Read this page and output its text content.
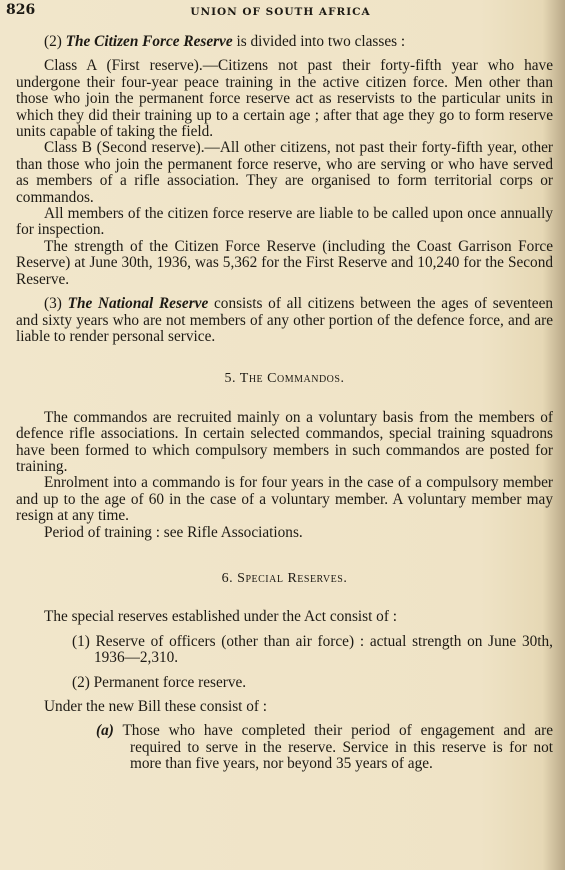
826	UNION OF SOUTH AFRICA

(2) The Citizen Force Reserve is divided into two classes :

Class A (First reserve).—Citizens not past their forty-fifth year who have undergone their four-year peace training in the active citizen force. Men other than those who join the permanent force reserve act as reservists to the particular units in which they did their training up to a certain age ; after that age they go to form reserve units capable of taking the field.

Class B (Second reserve).—All other citizens, not past their forty-fifth year, other than those who join the permanent force reserve, who are serving or who have served as members of a rifle association. They are organised to form territorial corps or commandos.

All members of the citizen force reserve are liable to be called upon once annually for inspection.

The strength of the Citizen Force Reserve (including the Coast Garrison Force Reserve) at June 30th, 1936, was 5,362 for the First Reserve and 10,240 for the Second Reserve.

(3) The National Reserve consists of all citizens between the ages of seventeen and sixty years who are not members of any other portion of the defence force, and are liable to render personal service.

5. The Commandos.

The commandos are recruited mainly on a voluntary basis from the members of defence rifle associations. In certain selected commandos, special training squadrons have been formed to which compulsory members in such commandos are posted for training.

Enrolment into a commando is for four years in the case of a compulsory member and up to the age of 60 in the case of a voluntary member. A voluntary member may resign at any time.

Period of training : see Rifle Associations.

6. Special Reserves.

The special reserves established under the Act consist of :

(1) Reserve of officers (other than air force) : actual strength on June 30th, 1936—2,310.

(2) Permanent force reserve.

Under the new Bill these consist of :

(a) Those who have completed their period of engagement and are required to serve in the reserve. Service in this reserve is for not more than five years, nor beyond 35 years of age.
